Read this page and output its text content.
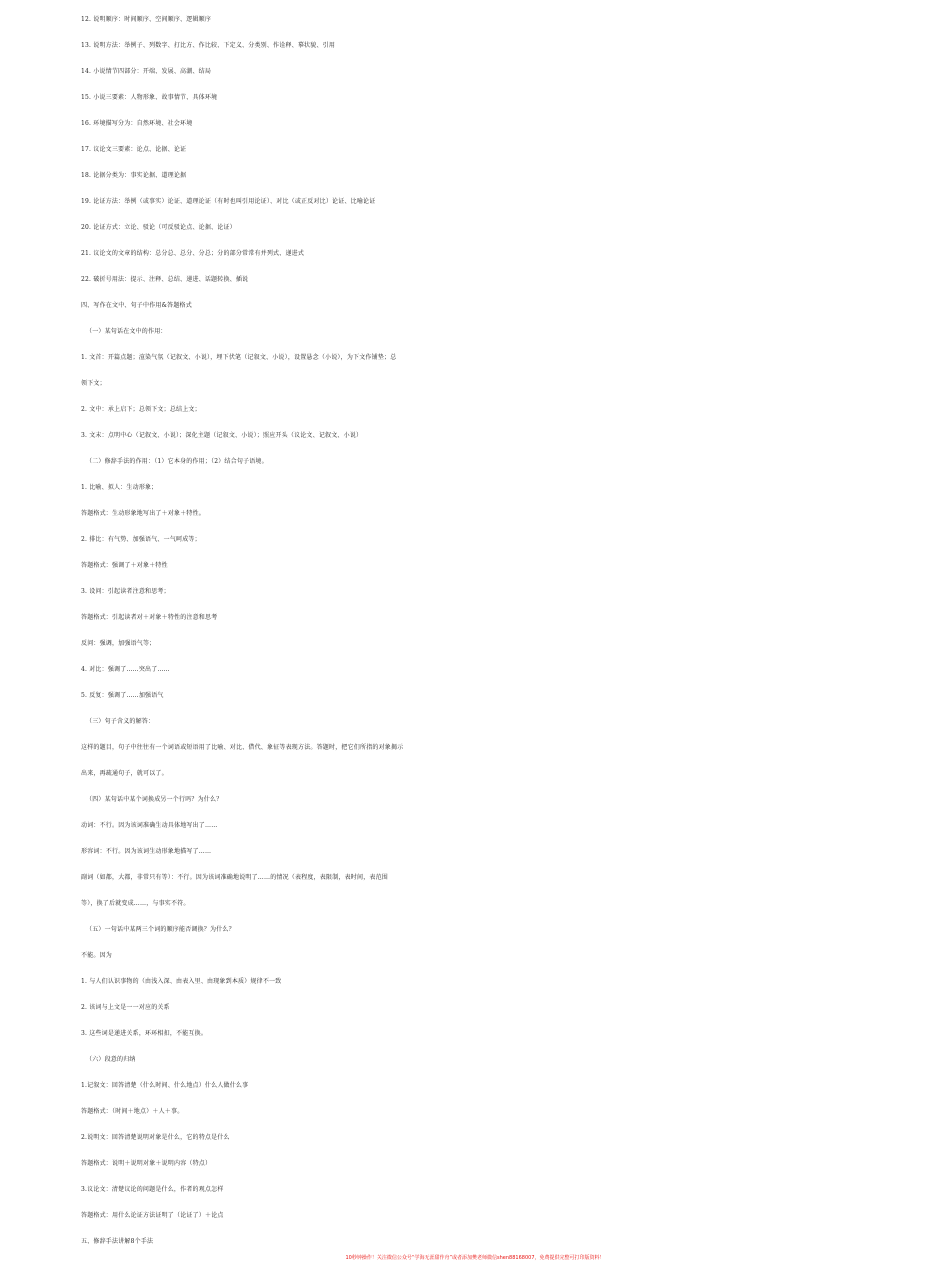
12. 说明顺序：时间顺序、空间顺序、逻辑顺序
13. 说明方法：举例子、列数字、打比方、作比较、下定义、分类别、作诠释、摹状貌、引用
14. 小说情节四部分：开端、发展、高潮、结局
15. 小说三要素：人物形象、故事情节、具体环境
16. 环境描写分为：自然环境、社会环境
17. 议论文三要素：论点、论据、论证
18. 论据分类为：事实论据、道理论据
19. 论证方法：举例（或事实）论证、道理论证（有时也叫引用论证）、对比（或正反对比）论证、比喻论证
20. 论证方式：立论、驳论（可反驳论点、论据、论证）
21. 议论文的文章的结构：总分总、总分、分总；分的部分常常有并列式、递进式
22. 破折号用法：提示、注释、总结、递进、话题转换、插说
四、写作在文中、句子中作用&答题格式
（一）某句话在文中的作用：
1. 文首：开篇点题；渲染气氛（记叙文、小说），埋下伏笔（记叙文、小说），设置悬念（小说），为下文作铺垫；总
领下文；
2. 文中：承上启下；总领下文；总结上文；
3. 文末：点明中心（记叙文、小说）；深化主题（记叙文、小说）；照应开头（议论文、记叙文、小说）
（二）修辞手法的作用：（1）它本身的作用；（2）结合句子语境。
1. 比喻、拟人：生动形象；
答题格式：生动形象地写出了＋对象＋特性。
2. 排比：有气势、加强语气、一气呵成等；
答题格式：强调了＋对象＋特性
3. 设问：引起读者注意和思考；
答题格式：引起读者对＋对象＋特性的注意和思考
反问：强调，加强语气等；
4. 对比：强调了……突出了……
5. 反复：强调了……加强语气
（三）句子含义的解答：
这样的题目，句子中往往有一个词语或短语用了比喻、对比、借代、象征等表现方法。答题时，把它们所指的对象揭示
出来，再疏通句子，就可以了。
（四）某句话中某个词换成另一个行吗？为什么？
动词：不行。因为该词准确生动具体地写出了……
形容词：不行。因为该词生动形象地描写了……
副词（如都，大都，非常只有等）：不行。因为该词准确地说明了……的情况（表程度，表限制，表时间，表范围
等），换了后就变成……，与事实不符。
（五）一句话中某两三个词的顺序能否调换？为什么？
不能。因为
1. 与人们认识事物的（由浅入深、由表入里、由现象到本质）规律不一致
2. 该词与上文是一一对应的关系
3. 这些词是递进关系，环环相扣，不能互换。
（六）段意的归纳
1.记叙文：回答清楚（什么时间、什么地点）什么人做什么事
答题格式：（时间＋地点）＋人＋事。
2.说明文：回答清楚说明对象是什么，它的特点是什么
答题格式：说明＋说明对象＋说明内容（特点）
3.议论文：清楚议论的问题是什么，作者的观点怎样
答题格式：用什么论证方法证明了（论证了）＋论点
五、修辞手法讲解8个手法
10秒钟操作！关注微信公众号“学海无涯甜作舟”或者添加樊老师微信shen88168007，免费提供完整可打印版资料！
